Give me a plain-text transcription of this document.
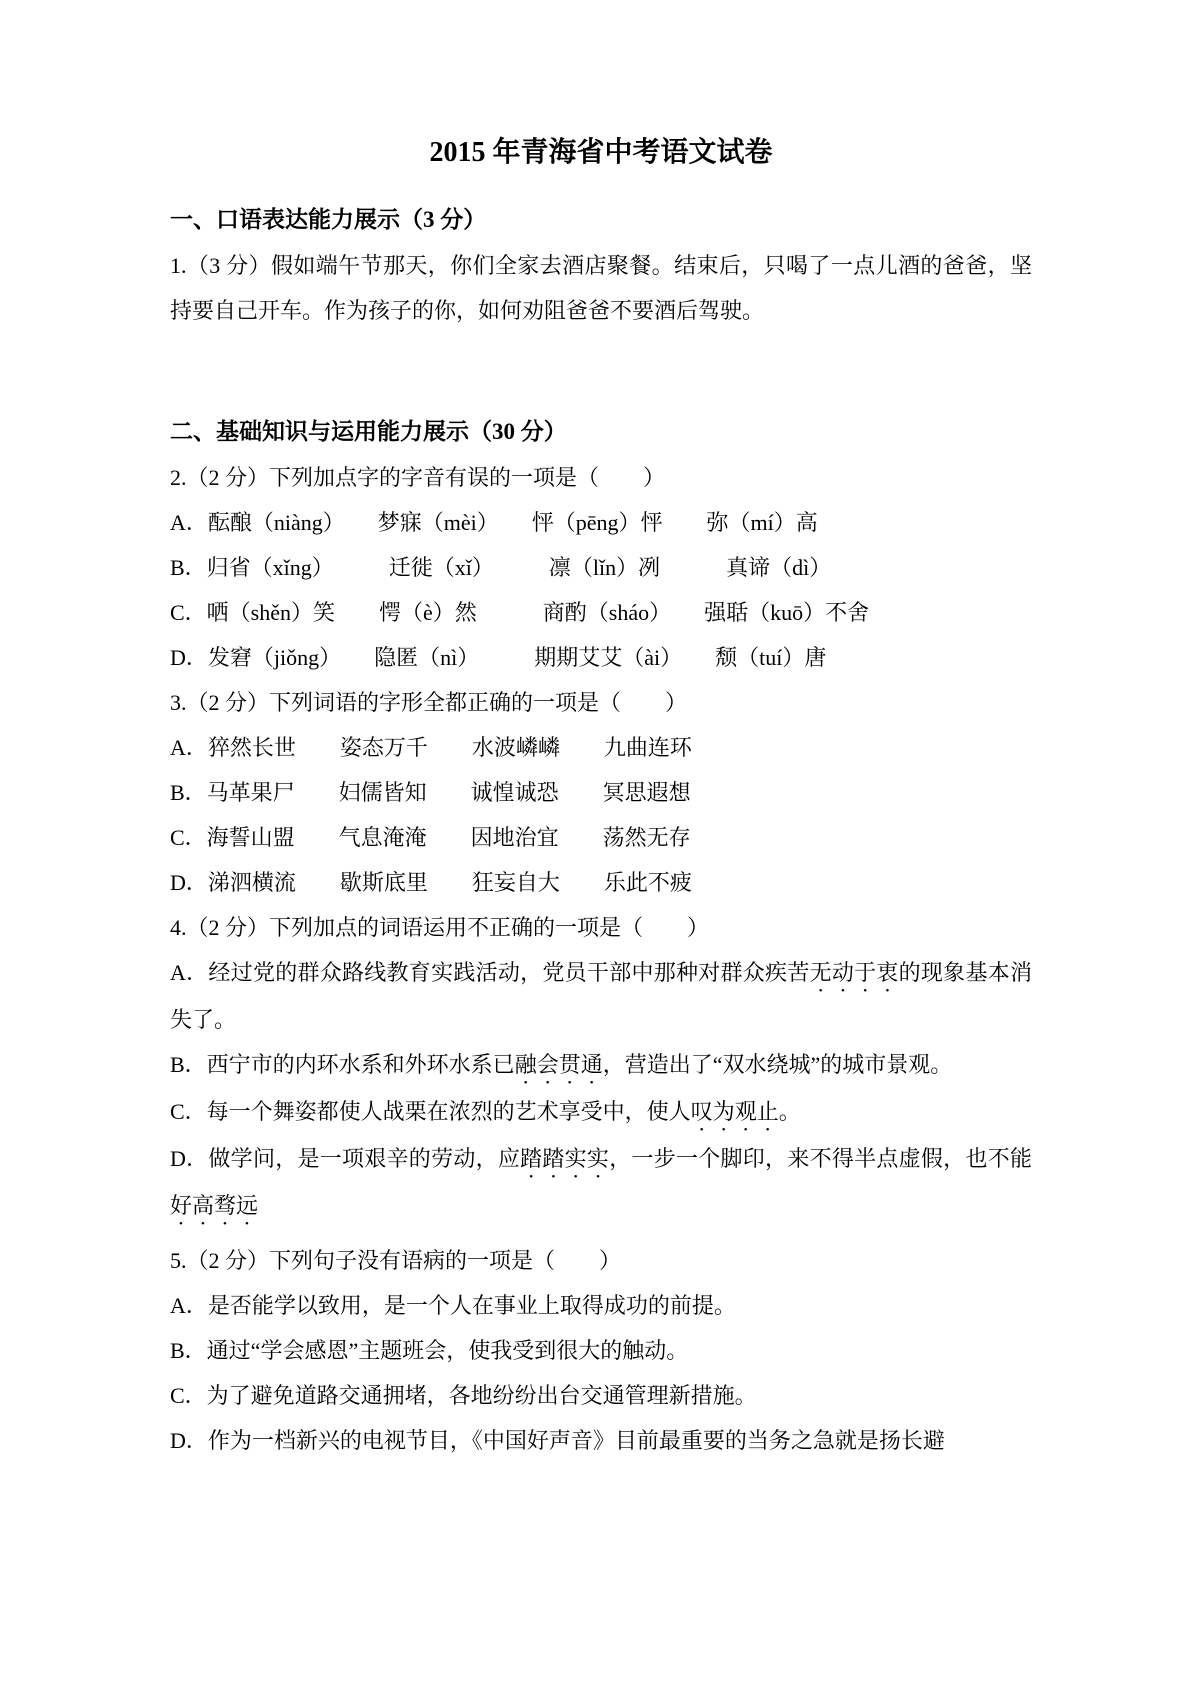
2015 年青海省中考语文试卷
一、口语表达能力展示（3 分）

1.（3 分）假如端午节那天，你们全家去酒店聚餐。结束后，只喝了一点儿酒的爸爸，坚持要自己开车。作为孩子的你，如何劝阻爸爸不要酒后驾驶。

二、基础知识与运用能力展示（30 分）

2.（2 分）下列加点字的字音有误的一项是（　　）

A．酝酿（niàng）　　梦寐（mèi）　　怦（pēng）怦　　弥（mí）高

B．归省（xǐng）　　　迁徙（xǐ）　　　凛（lǐn）冽　　　真谛（dì）

C．哂（shěn）笑　　愕（è）然　　　商酌（sháo）　　强聒（kuō）不舍

D．发窘（jiǒng）　　隐匿（nì）　　　期期艾艾（ài）　　颓（tuí）唐

3.（2 分）下列词语的字形全都正确的一项是（　　）

A．猝然长世　　姿态万千　　水波嶙嶙　　九曲连环

B．马革果尸　　妇儒皆知　　诚惶诚恐　　冥思遐想

C．海誓山盟　　气息淹淹　　因地治宜　　荡然无存

D．涕泗横流　　歇斯底里　　狂妄自大　　乐此不疲

4.（2 分）下列加点的词语运用不正确的一项是（　　）

A．经过党的群众路线教育实践活动，党员干部中那种对群众疾苦无动于衷的现象基本消失了。

B．西宁市的内环水系和外环水系已融会贯通，营造出了“双水绕城”的城市景观。

C．每一个舞姿都使人战栗在浓烈的艺术享受中，使人叹为观止。

D．做学问，是一项艰辛的劳动，应踏踏实实，一步一个脚印，来不得半点虚假，也不能好高骛远

5.（2 分）下列句子没有语病的一项是（　　）

A．是否能学以致用，是一个人在事业上取得成功的前提。

B．通过“学会感恩”主题班会，使我受到很大的触动。

C．为了避免道路交通拥堵，各地纷纷出台交通管理新措施。

D．作为一档新兴的电视节目，《中国好声音》目前最重要的当务之急就是扬长避
